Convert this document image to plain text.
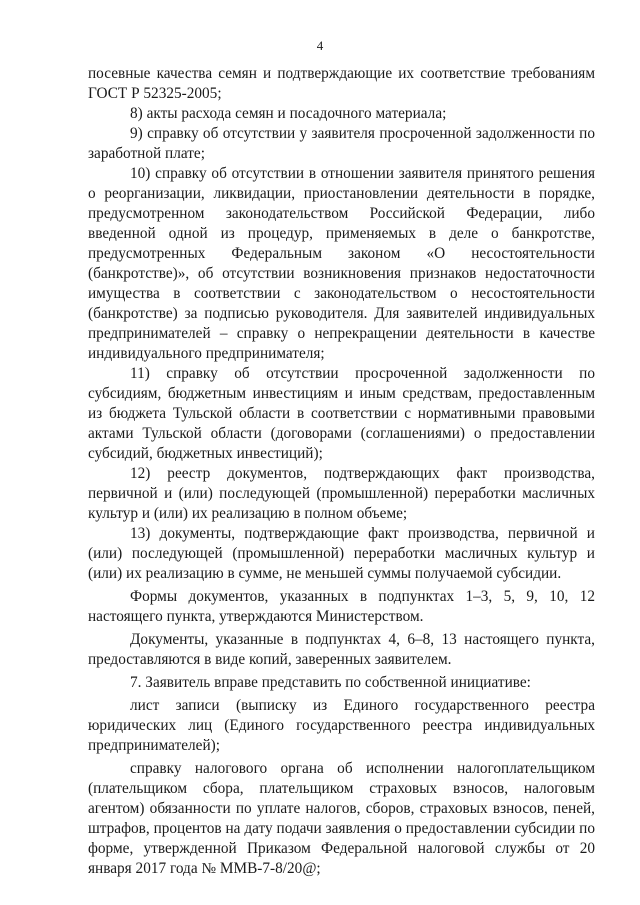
4

посевные качества семян и подтверждающие их соответствие требованиям ГОСТ Р 52325-2005;

8) акты расхода семян и посадочного материала;

9) справку об отсутствии у заявителя просроченной задолженности по заработной плате;

10) справку об отсутствии в отношении заявителя принятого решения о реорганизации, ликвидации, приостановлении деятельности в порядке, предусмотренном законодательством Российской Федерации, либо введенной одной из процедур, применяемых в деле о банкротстве, предусмотренных Федеральным законом «О несостоятельности (банкротстве)», об отсутствии возникновения признаков недостаточности имущества в соответствии с законодательством о несостоятельности (банкротстве) за подписью руководителя. Для заявителей индивидуальных предпринимателей – справку о непрекращении деятельности в качестве индивидуального предпринимателя;

11) справку об отсутствии просроченной задолженности по субсидиям, бюджетным инвестициям и иным средствам, предоставленным из бюджета Тульской области в соответствии с нормативными правовыми актами Тульской области (договорами (соглашениями) о предоставлении субсидий, бюджетных инвестиций);

12) реестр документов, подтверждающих факт производства, первичной и (или) последующей (промышленной) переработки масличных культур и (или) их реализацию в полном объеме;

13) документы, подтверждающие факт производства, первичной и (или) последующей (промышленной) переработки масличных культур и (или) их реализацию в сумме, не меньшей суммы получаемой субсидии.

Формы документов, указанных в подпунктах 1–3, 5, 9, 10, 12 настоящего пункта, утверждаются Министерством.

Документы, указанные в подпунктах 4, 6–8, 13 настоящего пункта, предоставляются в виде копий, заверенных заявителем.

7. Заявитель вправе представить по собственной инициативе:

лист записи (выписку из Единого государственного реестра юридических лиц (Единого государственного реестра индивидуальных предпринимателей);

справку налогового органа об исполнении налогоплательщиком (плательщиком сбора, плательщиком страховых взносов, налоговым агентом) обязанности по уплате налогов, сборов, страховых взносов, пеней, штрафов, процентов на дату подачи заявления о предоставлении субсидии по форме, утвержденной Приказом Федеральной налоговой службы от 20 января 2017 года № ММВ-7-8/20@;
